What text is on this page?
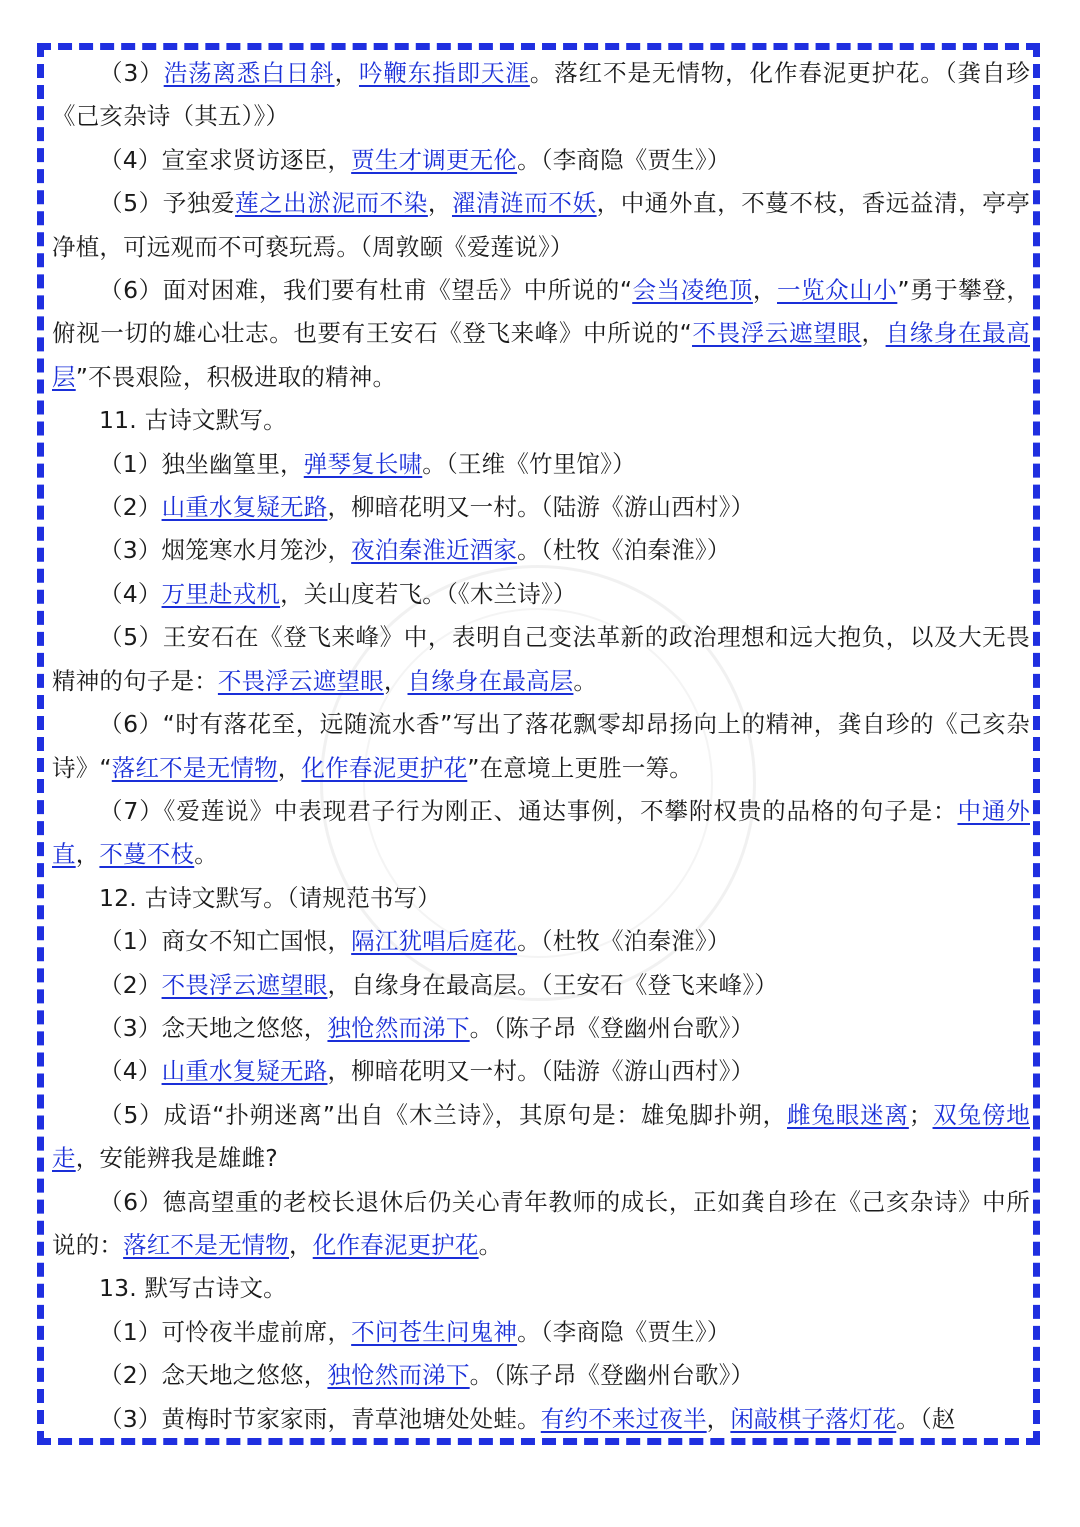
（3）浩荡离悉白日斜，吟鞭东指即天涯。落红不是无情物，化作春泥更护花。（龚自珍《己亥杂诗（其五）》）

（4）宣室求贤访逐臣，贾生才调更无伦。（李商隐《贾生》）

（5）予独爱莲之出淤泥而不染，濯清涟而不妖，中通外直，不蔓不枝，香远益清，亭亭净植，可远观而不可亵玩焉。（周敦颐《爱莲说》）

（6）面对困难，我们要有杜甫《望岳》中所说的“会当凌绝顶，一览众山小”勇于攀登，俯视一切的雄心壮志。也要有王安石《登飞来峰》中所说的“不畏浮云遮望眼，自缘身在最高层”不畏艰险，积极进取的精神。

11. 古诗文默写。

（1）独坐幽篁里，弹琴复长啸。（王维《竹里馆》）

（2）山重水复疑无路，柳暗花明又一村。（陆游《游山西村》）

（3）烟笼寒水月笼沙，夜泊秦淮近酒家。（杜牧《泊秦淮》）

（4）万里赴戎机，关山度若飞。（《木兰诗》）

（5）王安石在《登飞来峰》中，表明自己变法革新的政治理想和远大抱负，以及大无畏精神的句子是：不畏浮云遮望眼，自缘身在最高层。

（6）“时有落花至，远随流水香”写出了落花飘零却昂扬向上的精神，龚自珍的《己亥杂诗》“落红不是无情物，化作春泥更护花”在意境上更胜一筹。

（7）《爱莲说》中表现君子行为刚正、通达事例，不攀附权贵的品格的句子是：中通外直，不蔓不枝。

12. 古诗文默写。（请规范书写）

（1）商女不知亡国恨，隔江犹唱后庭花。（杜牧《泊秦淮》）

（2）不畏浮云遮望眼，自缘身在最高层。（王安石《登飞来峰》）

（3）念天地之悠悠，独怆然而涕下。（陈子昂《登幽州台歌》）

（4）山重水复疑无路，柳暗花明又一村。（陆游《游山西村》）

（5）成语“扑朔迷离”出自《木兰诗》，其原句是：雄兔脚扑朔，雌兔眼迷离；双兔傍地走，安能辨我是雄雌?

（6）德高望重的老校长退休后仍关心青年教师的成长，正如龚自珍在《己亥杂诗》中所说的：落红不是无情物，化作春泥更护花。

13. 默写古诗文。

（1）可怜夜半虚前席，不问苍生问鬼神。（李商隐《贾生》）

（2）念天地之悠悠，独怆然而涕下。（陈子昂《登幽州台歌》）

（3）黄梅时节家家雨，青草池塘处处蛙。有约不来过夜半，闲敲棋子落灯花。（赵
